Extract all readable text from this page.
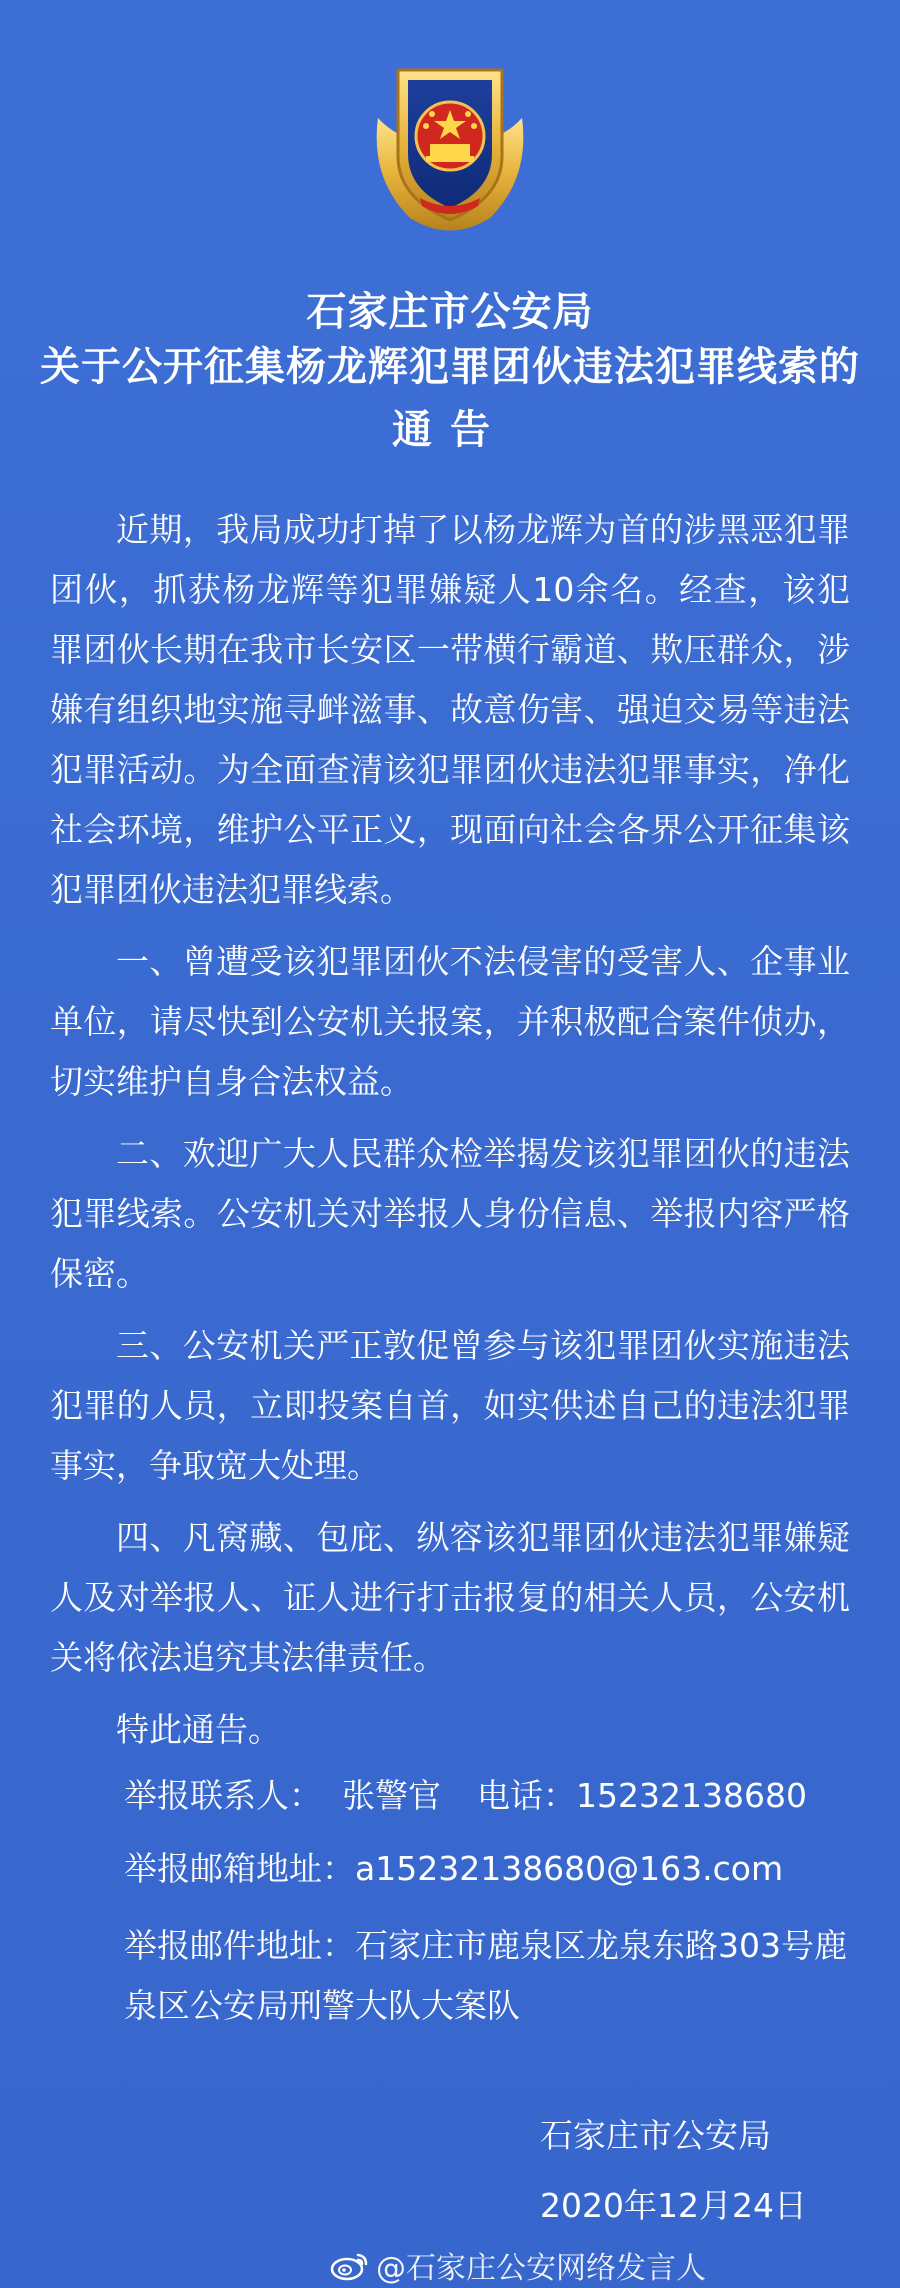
石家庄市公安局
关于公开征集杨龙辉犯罪团伙违法犯罪线索的
通告

近期，我局成功打掉了以杨龙辉为首的涉黑恶犯罪团伙，抓获杨龙辉等犯罪嫌疑人10余名。经查，该犯罪团伙长期在我市长安区一带横行霸道、欺压群众，涉嫌有组织地实施寻衅滋事、故意伤害、强迫交易等违法犯罪活动。为全面查清该犯罪团伙违法犯罪事实，净化社会环境，维护公平正义，现面向社会各界公开征集该犯罪团伙违法犯罪线索。

一、曾遭受该犯罪团伙不法侵害的受害人、企事业单位，请尽快到公安机关报案，并积极配合案件侦办，切实维护自身合法权益。

二、欢迎广大人民群众检举揭发该犯罪团伙的违法犯罪线索。公安机关对举报人身份信息、举报内容严格保密。

三、公安机关严正敦促曾参与该犯罪团伙实施违法犯罪的人员，立即投案自首，如实供述自己的违法犯罪事实，争取宽大处理。

四、凡窝藏、包庇、纵容该犯罪团伙违法犯罪嫌疑人及对举报人、证人进行打击报复的相关人员，公安机关将依法追究其法律责任。

特此通告。

举报联系人： 张警官 电话：15232138680
举报邮箱地址：a15232138680@163.com
举报邮件地址：石家庄市鹿泉区龙泉东路303号鹿泉区公安局刑警大队大案队
石家庄市公安局
2020年12月24日
@石家庄公安网络发言人
